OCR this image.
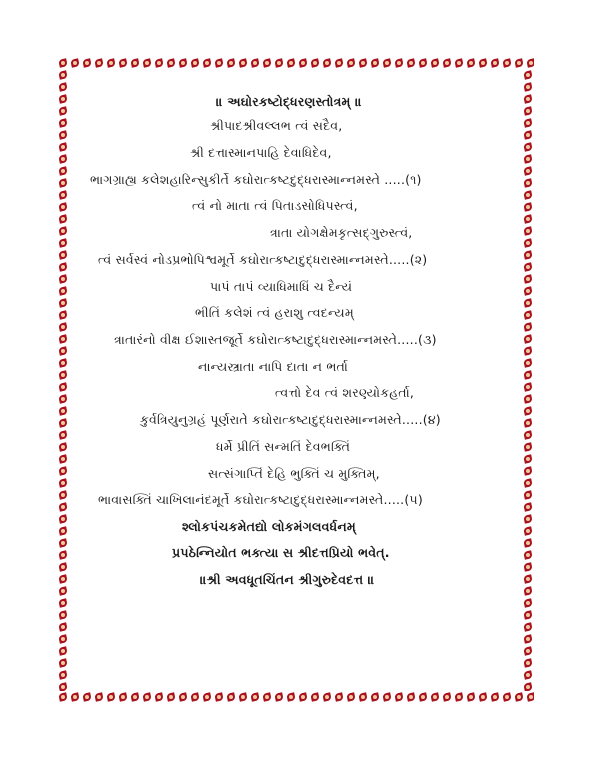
॥ અઘોરકષ્ટોદ્ધરણસ્તોત્રમ્ ॥
શ્રીપાદશ્રીવલ્લભ ત્વં સદૈવ,
શ્રી દત્તાસ્માનપાહિ દેવાધિદેવ,
ભાગગ્રાહ્ય કલેશહારિન્સુકીર્તે કઘોરાત્કષ્ટદુદ્ધરાસ્માન્નમસ્તે .....(૧)
ત્વં નો માતા ત્વં પિતાડસોધિપસ્ત્વં,
ત્રાતા યોગક્ષેમકૃત્સદ્ગુરુસ્ત્વં,
ત્વં સર્વસ્વં નોડપ્રભોપિશ્વમૂર્તે કઘોરાત્કષ્ટાદુદ્ધરાસ્માન્નમસ્તે.....(૨)
પાપં તાપં વ્યાધિમાધિં ચ દૈન્યં
ભીતિં કલેશં ત્વં હરાશુ ત્વદન્યમ્
ત્રાતારંનો વીક્ષ ઈશાસ્તજૂર્તે કઘોરાત્કષ્ટાદુદ્ધરાસ્માન્નમસ્તે.....(૩)
નાન્યસ્ત્રાતા નાપિ દાતા ન ભર્તા
ત્વત્તો દેવ ત્વં શરણ્યોકહર્તા,
કુર્વત્રિયુનુગ્રહં પૂર્ણરાતે કઘોરાત્કષ્ટાદુદ્ધરાસ્માન્નમસ્તે.....(૪)
ધર્મે પ્રીતિં સન્મતિં દેવભક્તિં
સત્સંગાપ્તિં દેહિ ભુક્તિં ચ મુક્તિમ્,
ભાવાસક્તિં ચાખિલાનંદમૂર્તે કઘોરાત્કષ્ટાદુદ્ધરાસ્માન્નમસ્તે.....(૫)
શ્લોકપંચકમેતદ્યો લોકમંગલવર્ધનમ્
પ્રપઠેન્નિયોત ભક્ત્યા સ શ્રીદત્તપ્રિયો ભવેત્.
॥શ્રી અવધૂતચિંતન શ્રીગુરુદેવદત્ત ॥
